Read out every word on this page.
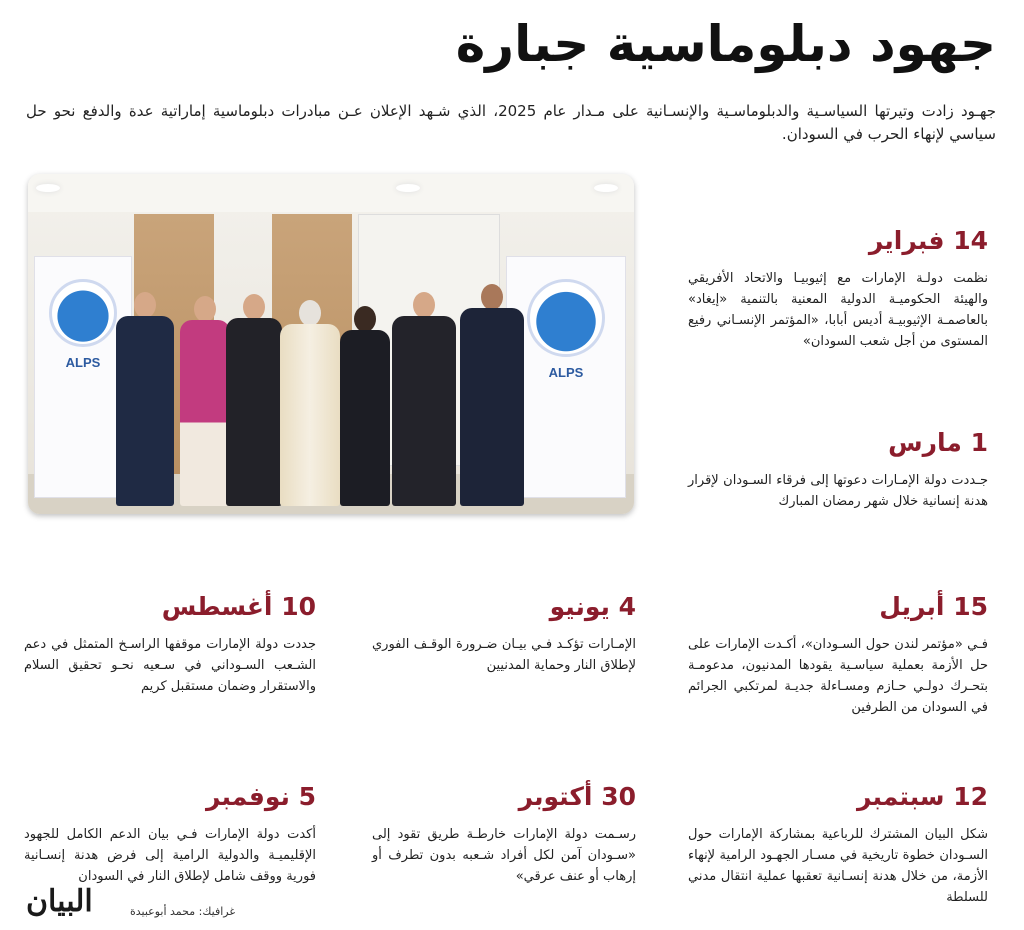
جهود دبلوماسية جبارة

جهـود زادت وتيرتها السياسـية والدبلوماسـية والإنسـانية على مـدار عام 2025، الذي شـهد الإعلان عـن مبادرات دبلوماسية إماراتية عدة والدفع نحو حل سياسي لإنهاء الحرب في السودان.

ALPS
ALPS

14 فبراير

نظمت دولـة الإمارات مع إثيوبيـا والاتحاد الأفريقي والهيئة الحكوميـة الدولية المعنية بالتنمية «إيغاد» بالعاصمـة الإثيوبيـة أديس أبابا، «المؤتمر الإنسـاني رفيع المستوى من أجل شعب السودان»

1 مارس

جـددت دولة الإمـارات دعوتها إلى فرقاء السـودان لإقرار هدنة إنسانية خلال شهر رمضان المبارك

15 أبريل

فـي «مؤتمر لندن حول السـودان»، أكـدت الإمارات على حل الأزمة بعملية سياسـية يقودها المدنيون، مدعومـة بتحـرك دولـي حـازم ومسـاءلة جديـة لمرتكبي الجرائم في السودان من الطرفين

4 يونيو

الإمـارات تؤكـد فـي بيـان ضـرورة الوقـف الفوري لإطلاق النار وحماية المدنيين

10 أغسطس

جددت دولة الإمارات موقفها الراسـخ المتمثل في دعم الشـعب السـوداني في سـعيه نحـو تحقيق السلام والاستقرار وضمان مستقبل كريم

12 سبتمبر

شكل البيان المشترك للرباعية بمشاركة الإمارات حول السـودان خطوة تاريخية في مسـار الجهـود الرامية لإنهاء الأزمة، من خلال هدنة إنسـانية تعقبها عملية انتقال مدني للسلطة

30 أكتوبر

رسـمت دولة الإمارات خارطـة طريق تقود إلى «سـودان آمن لكل أفراد شـعبه بدون تطرف أو إرهاب أو عنف عرقي»

5 نوفمبر

أكدت دولة الإمارات فـي بيان الدعم الكامل للجهود الإقليميـة والدولية الرامية إلى فرض هدنة إنسـانية فورية ووقف شامل لإطلاق النار في السودان

البيان	غرافيك: محمد أبوعبيدة
